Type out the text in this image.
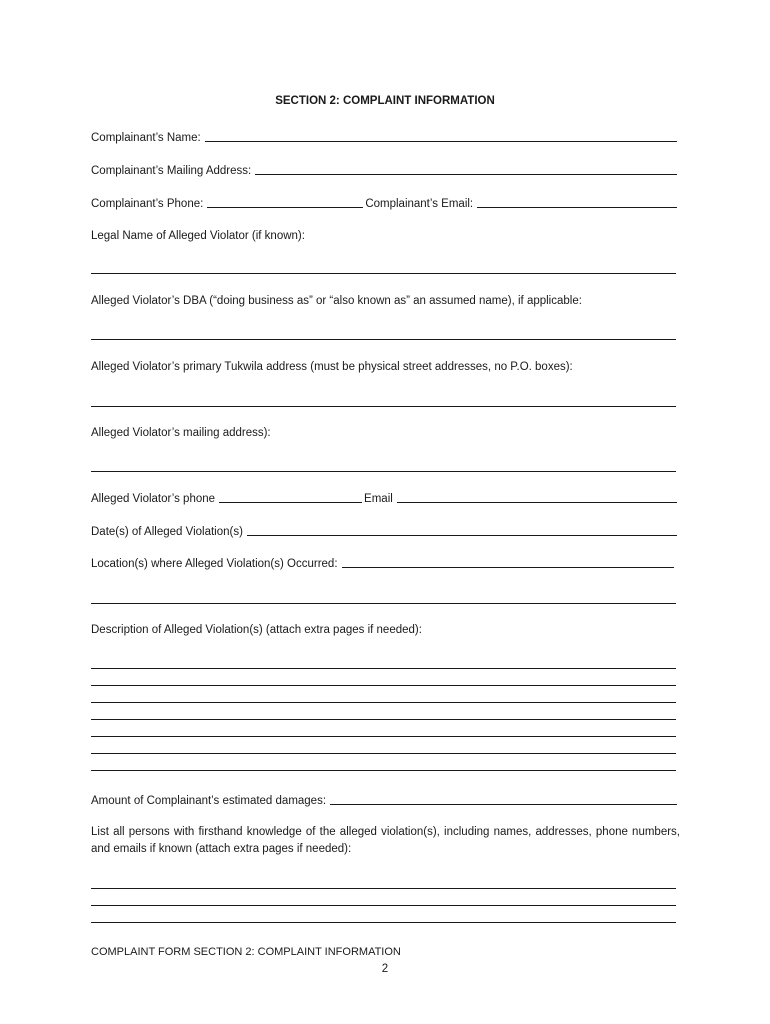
SECTION 2: COMPLAINT INFORMATION
Complainant’s Name:
Complainant’s Mailing Address:
Complainant’s Phone:	Complainant’s Email:
Legal Name of Alleged Violator (if known):
Alleged Violator’s DBA (“doing business as” or “also known as” an assumed name), if applicable:
Alleged Violator’s primary Tukwila address (must be physical street addresses, no P.O. boxes):
Alleged Violator’s mailing address):
Alleged Violator’s phone	Email
Date(s) of Alleged Violation(s)
Location(s) where Alleged Violation(s) Occurred:
Description of Alleged Violation(s) (attach extra pages if needed):
Amount of Complainant’s estimated damages:
List all persons with firsthand knowledge of the alleged violation(s), including names, addresses, phone numbers, and emails if known (attach extra pages if needed):
COMPLAINT FORM SECTION 2: COMPLAINT INFORMATION
2
